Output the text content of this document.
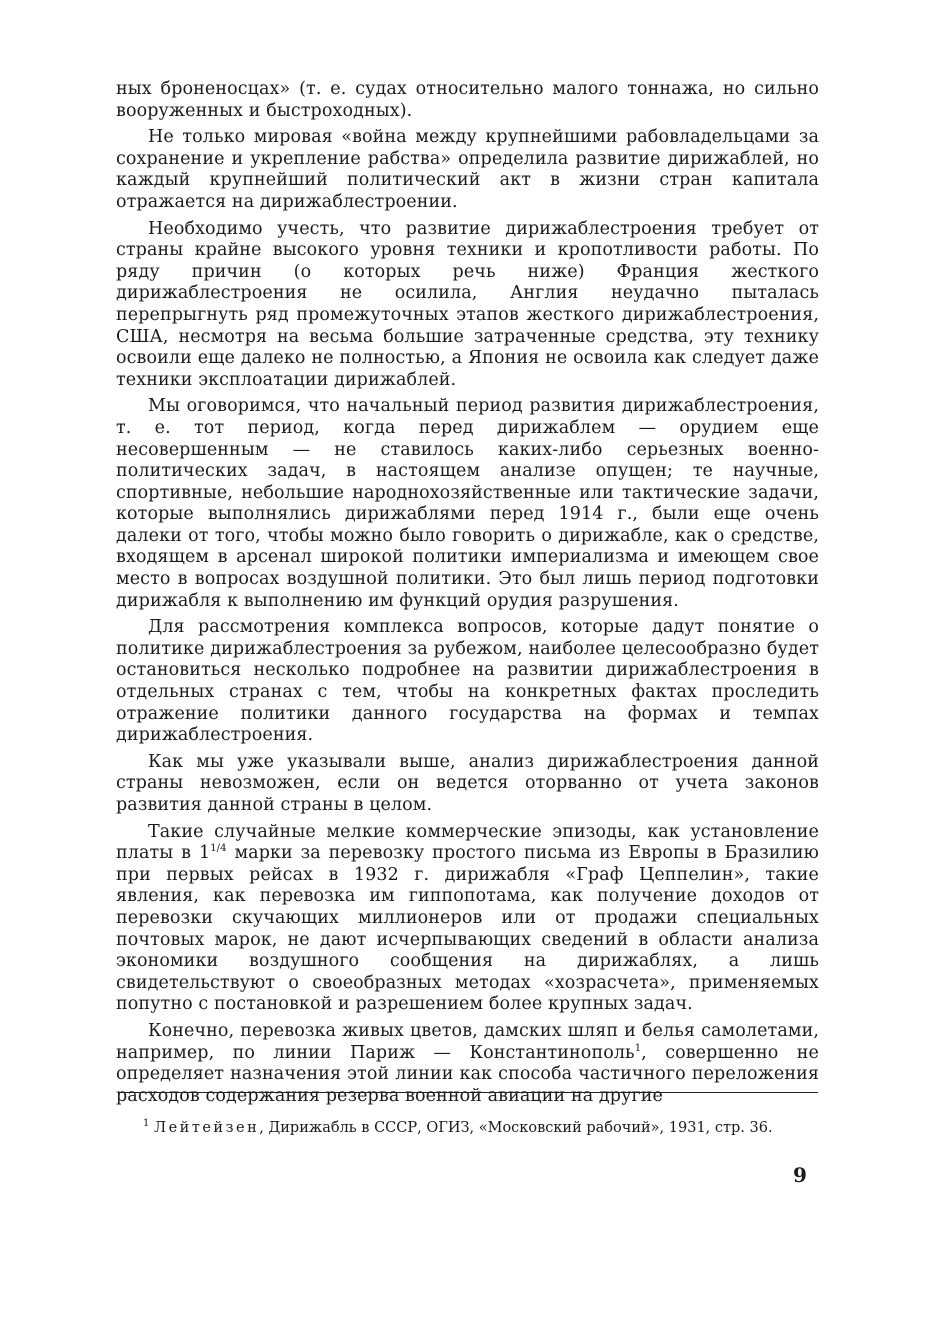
ных броненосцах» (т. е. судах относительно малого тоннажа, но сильно вооруженных и быстроходных).

Не только мировая «война между крупнейшими рабовладельцами за сохранение и укрепление рабства» определила развитие дирижаблей, но каждый крупнейший политический акт в жизни стран капитала отражается на дирижаблестроении.

Необходимо учесть, что развитие дирижаблестроения требует от страны крайне высокого уровня техники и кропотливости работы. По ряду причин (о которых речь ниже) Франция жесткого дирижаблестроения не осилила, Англия неудачно пыталась перепрыгнуть ряд промежуточных этапов жесткого дирижаблестроения, США, несмотря на весьма большие затраченные средства, эту технику освоили еще далеко не полностью, а Япония не освоила как следует даже техники эксплоатации дирижаблей.

Мы оговоримся, что начальный период развития дирижаблестроения, т. е. тот период, когда перед дирижаблем — орудием еще несовершенным — не ставилось каких-либо серьезных военно-политических задач, в настоящем анализе опущен; те научные, спортивные, небольшие народнохозяйственные или тактические задачи, которые выполнялись дирижаблями перед 1914 г., были еще очень далеки от того, чтобы можно было говорить о дирижабле, как о средстве, входящем в арсенал широкой политики империализма и имеющем свое место в вопросах воздушной политики. Это был лишь период подготовки дирижабля к выполнению им функций орудия разрушения.

Для рассмотрения комплекса вопросов, которые дадут понятие о политике дирижаблестроения за рубежом, наиболее целесообразно будет остановиться несколько подробнее на развитии дирижаблестроения в отдельных странах с тем, чтобы на конкретных фактах проследить отражение политики данного государства на формах и темпах дирижаблестроения.

Как мы уже указывали выше, анализ дирижаблестроения данной страны невозможен, если он ведется оторванно от учета законов развития данной страны в целом.

Такие случайные мелкие коммерческие эпизоды, как установление платы в $1^{1/4}$ марки за перевозку простого письма из Европы в Бразилию при первых рейсах в 1932 г. дирижабля «Граф Цеппелин», такие явления, как перевозка им гиппопотама, как получение доходов от перевозки скучающих миллионеров или от продажи специальных почтовых марок, не дают исчерпывающих сведений в области анализа экономики воздушного сообщения на дирижаблях, а лишь свидетельствуют о своеобразных методах «хозрасчета», применяемых попутно с постановкой и разрешением более крупных задач.

Конечно, перевозка живых цветов, дамских шляп и белья самолетами, например, по линии Париж — Константинополь$^1$, совершенно не определяет назначения этой линии как способа частичного переложения расходов содержания резерва военной авиации на другие

$^1$ Лейтейзен, Дирижабль в СССР, ОГИЗ, «Московский рабочий», 1931, стр. 36.
9
